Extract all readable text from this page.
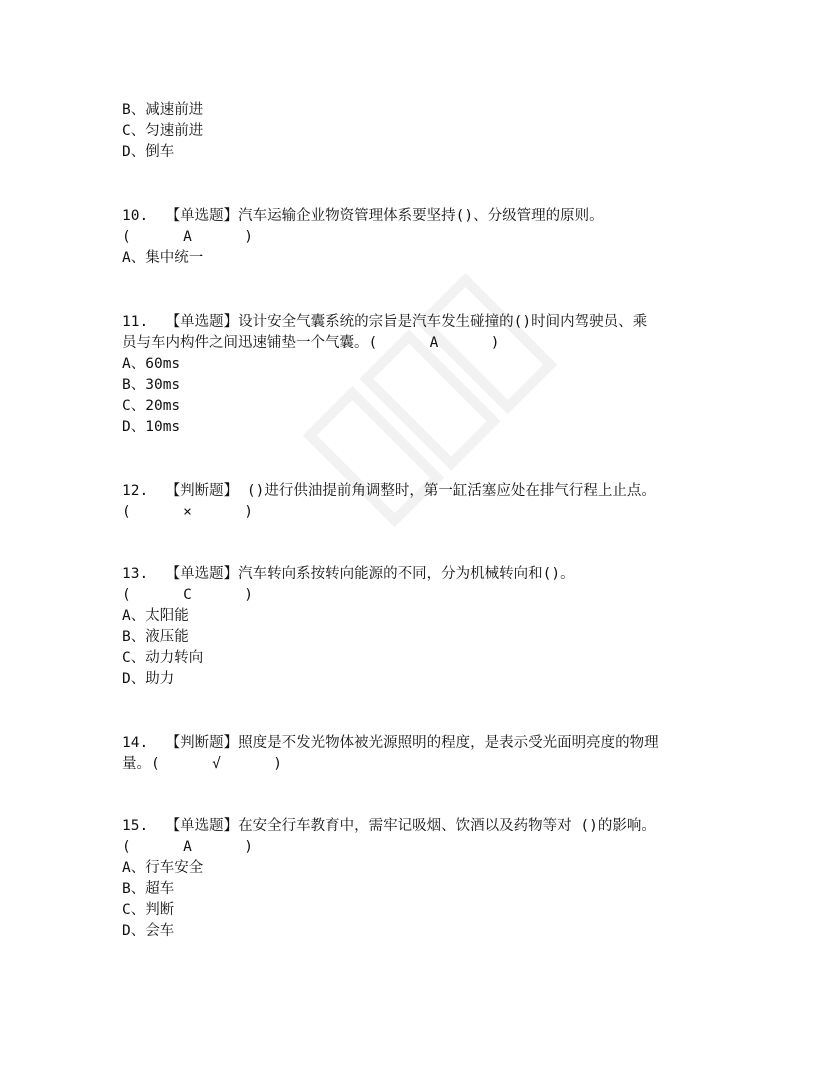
B、减速前进
C、匀速前进
D、倒车
10.  【单选题】汽车运输企业物资管理体系要坚持()、分级管理的原则。
(      A      )
A、集中统一
11.  【单选题】设计安全气囊系统的宗旨是汽车发生碰撞的()时间内驾驶员、乘
员与车内构件之间迅速铺垫一个气囊。(      A      )
A、60ms
B、30ms
C、20ms
D、10ms
12.  【判断题】 ()进行供油提前角调整时，第一缸活塞应处在排气行程上止点。
(      ×      )
13.  【单选题】汽车转向系按转向能源的不同，分为机械转向和()。
(      C      )
A、太阳能
B、液压能
C、动力转向
D、助力
14.  【判断题】照度是不发光物体被光源照明的程度，是表示受光面明亮度的物理
量。(      √      )
15.  【单选题】在安全行车教育中，需牢记吸烟、饮酒以及药物等对 ()的影响。
(      A      )
A、行车安全
B、超车
C、判断
D、会车
